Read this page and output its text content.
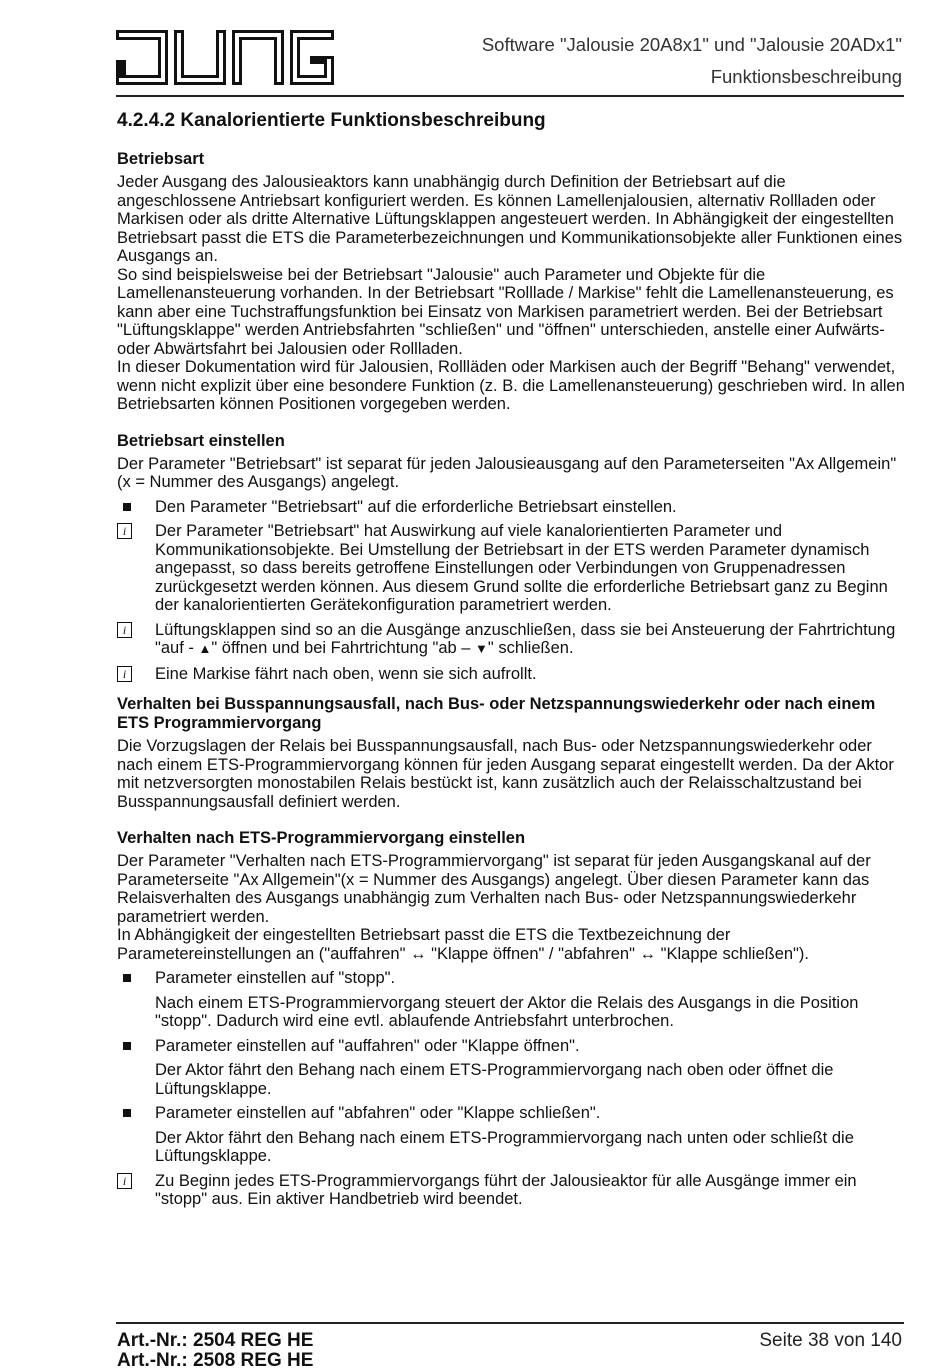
Software "Jalousie 20A8x1" und "Jalousie 20ADx1"
Funktionsbeschreibung
4.2.4.2 Kanalorientierte Funktionsbeschreibung
Betriebsart

Jeder Ausgang des Jalousieaktors kann unabhängig durch Definition der Betriebsart auf die angeschlossene Antriebsart konfiguriert werden. Es können Lamellenjalousien, alternativ Rollladen oder Markisen oder als dritte Alternative Lüftungsklappen angesteuert werden. In Abhängigkeit der eingestellten Betriebsart passt die ETS die Parameterbezeichnungen und Kommunikationsobjekte aller Funktionen eines Ausgangs an.

So sind beispielsweise bei der Betriebsart "Jalousie" auch Parameter und Objekte für die Lamellenansteuerung vorhanden. In der Betriebsart "Rolllade / Markise" fehlt die Lamellenansteuerung, es kann aber eine Tuchstraffungsfunktion bei Einsatz von Markisen parametriert werden. Bei der Betriebsart "Lüftungsklappe" werden Antriebsfahrten "schließen" und "öffnen" unterschieden, anstelle einer Aufwärts- oder Abwärtsfahrt bei Jalousien oder Rollladen.

In dieser Dokumentation wird für Jalousien, Rollläden oder Markisen auch der Begriff "Behang" verwendet, wenn nicht explizit über eine besondere Funktion (z. B. die Lamellenansteuerung) geschrieben wird. In allen Betriebsarten können Positionen vorgegeben werden.

Betriebsart einstellen

Der Parameter "Betriebsart" ist separat für jeden Jalousieausgang auf den Parameterseiten "Ax Allgemein"(x = Nummer des Ausgangs) angelegt.

Den Parameter "Betriebsart" auf die erforderliche Betriebsart einstellen.
i	Der Parameter "Betriebsart" hat Auswirkung auf viele kanalorientierten Parameter und Kommunikationsobjekte. Bei Umstellung der Betriebsart in der ETS werden Parameter dynamisch angepasst, so dass bereits getroffene Einstellungen oder Verbindungen von Gruppenadressen zurückgesetzt werden können. Aus diesem Grund sollte die erforderliche Betriebsart ganz zu Beginn der kanalorientierten Gerätekonfiguration parametriert werden.
i	Lüftungsklappen sind so an die Ausgänge anzuschließen, dass sie bei Ansteuerung der Fahrtrichtung "auf - ▲" öffnen und bei Fahrtrichtung "ab – ▼" schließen.
i	Eine Markise fährt nach oben, wenn sie sich aufrollt.
Verhalten bei Busspannungsausfall, nach Bus- oder Netzspannungswiederkehr oder nach einem ETS Programmiervorgang

Die Vorzugslagen der Relais bei Busspannungsausfall, nach Bus- oder Netzspannungswiederkehr oder nach einem ETS-Programmiervorgang können für jeden Ausgang separat eingestellt werden. Da der Aktor mit netzversorgten monostabilen Relais bestückt ist, kann zusätzlich auch der Relaisschaltzustand bei Busspannungsausfall definiert werden.

Verhalten nach ETS-Programmiervorgang einstellen

Der Parameter "Verhalten nach ETS-Programmiervorgang" ist separat für jeden Ausgangskanal auf der Parameterseite "Ax Allgemein"(x = Nummer des Ausgangs) angelegt. Über diesen Parameter kann das Relaisverhalten des Ausgangs unabhängig zum Verhalten nach Bus- oder Netzspannungswiederkehr parametriert werden.

In Abhängigkeit der eingestellten Betriebsart passt die ETS die Textbezeichnung der Parametereinstellungen an ("auffahren" ↔ "Klappe öffnen" / "abfahren" ↔ "Klappe schließen").

Parameter einstellen auf "stopp".
Nach einem ETS-Programmiervorgang steuert der Aktor die Relais des Ausgangs in die Position "stopp". Dadurch wird eine evtl. ablaufende Antriebsfahrt unterbrochen.
Parameter einstellen auf "auffahren" oder "Klappe öffnen".
Der Aktor fährt den Behang nach einem ETS-Programmiervorgang nach oben oder öffnet die Lüftungsklappe.
Parameter einstellen auf "abfahren" oder "Klappe schließen".
Der Aktor fährt den Behang nach einem ETS-Programmiervorgang nach unten oder schließt die Lüftungsklappe.
i	Zu Beginn jedes ETS-Programmiervorgangs führt der Jalousieaktor für alle Ausgänge immer ein "stopp" aus. Ein aktiver Handbetrieb wird beendet.
Art.-Nr.: 2504 REG HE
Art.-Nr.: 2508 REG HE
Seite 38 von 140
